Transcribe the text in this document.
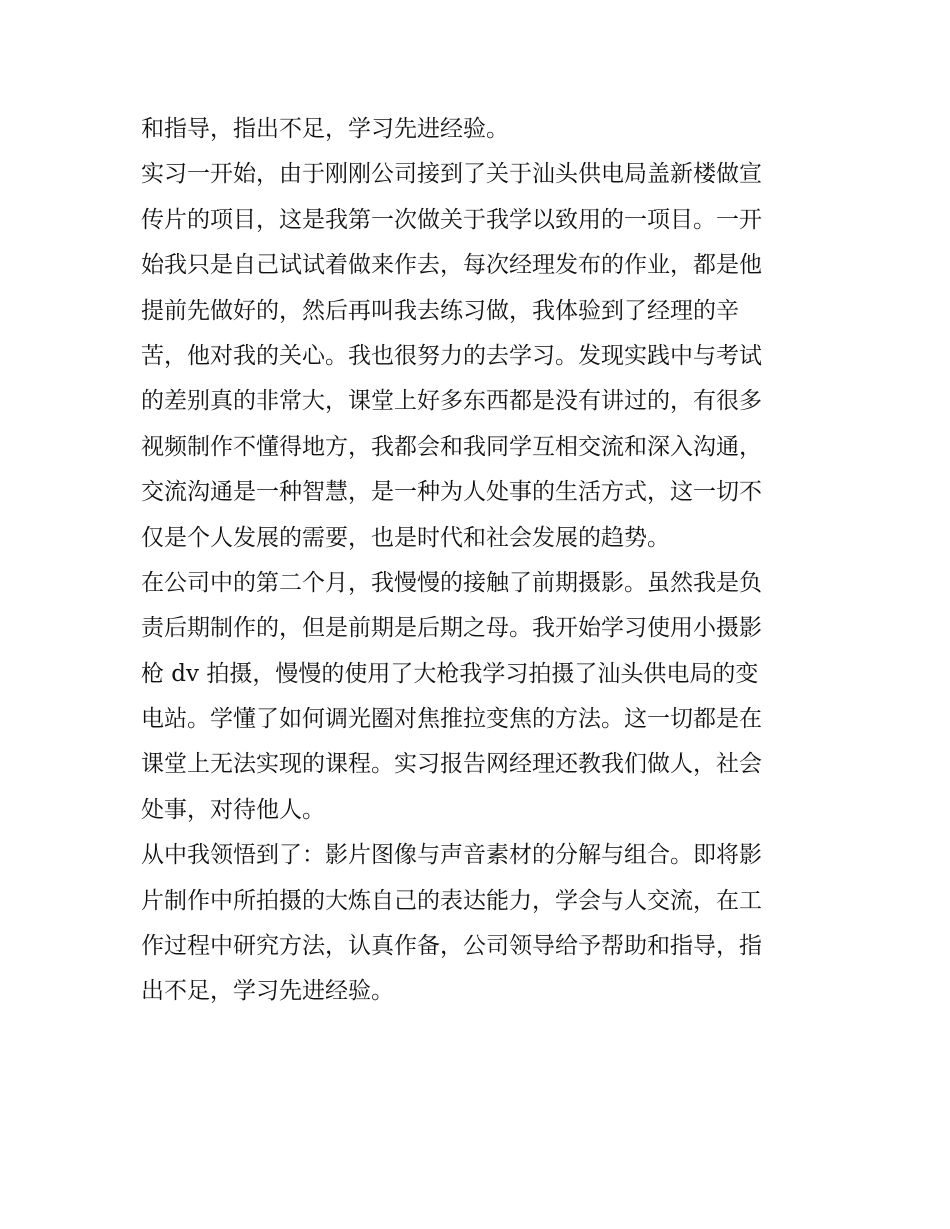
和指导，指出不足，学习先进经验。
实习一开始，由于刚刚公司接到了关于汕头供电局盖新楼做宣
传片的项目，这是我第一次做关于我学以致用的一项目。一开
始我只是自己试试着做来作去，每次经理发布的作业，都是他
提前先做好的，然后再叫我去练习做，我体验到了经理的辛
苦，他对我的关心。我也很努力的去学习。发现实践中与考试
的差别真的非常大，课堂上好多东西都是没有讲过的，有很多
视频制作不懂得地方，我都会和我同学互相交流和深入沟通，
交流沟通是一种智慧，是一种为人处事的生活方式，这一切不
仅是个人发展的需要，也是时代和社会发展的趋势。
在公司中的第二个月，我慢慢的接触了前期摄影。虽然我是负
责后期制作的，但是前期是后期之母。我开始学习使用小摄影
枪 dv 拍摄，慢慢的使用了大枪我学习拍摄了汕头供电局的变
电站。学懂了如何调光圈对焦推拉变焦的方法。这一切都是在
课堂上无法实现的课程。实习报告网经理还教我们做人，社会
处事，对待他人。
从中我领悟到了：影片图像与声音素材的分解与组合。即将影
片制作中所拍摄的大炼自己的表达能力，学会与人交流，在工
作过程中研究方法，认真作备，公司领导给予帮助和指导，指
出不足，学习先进经验。
